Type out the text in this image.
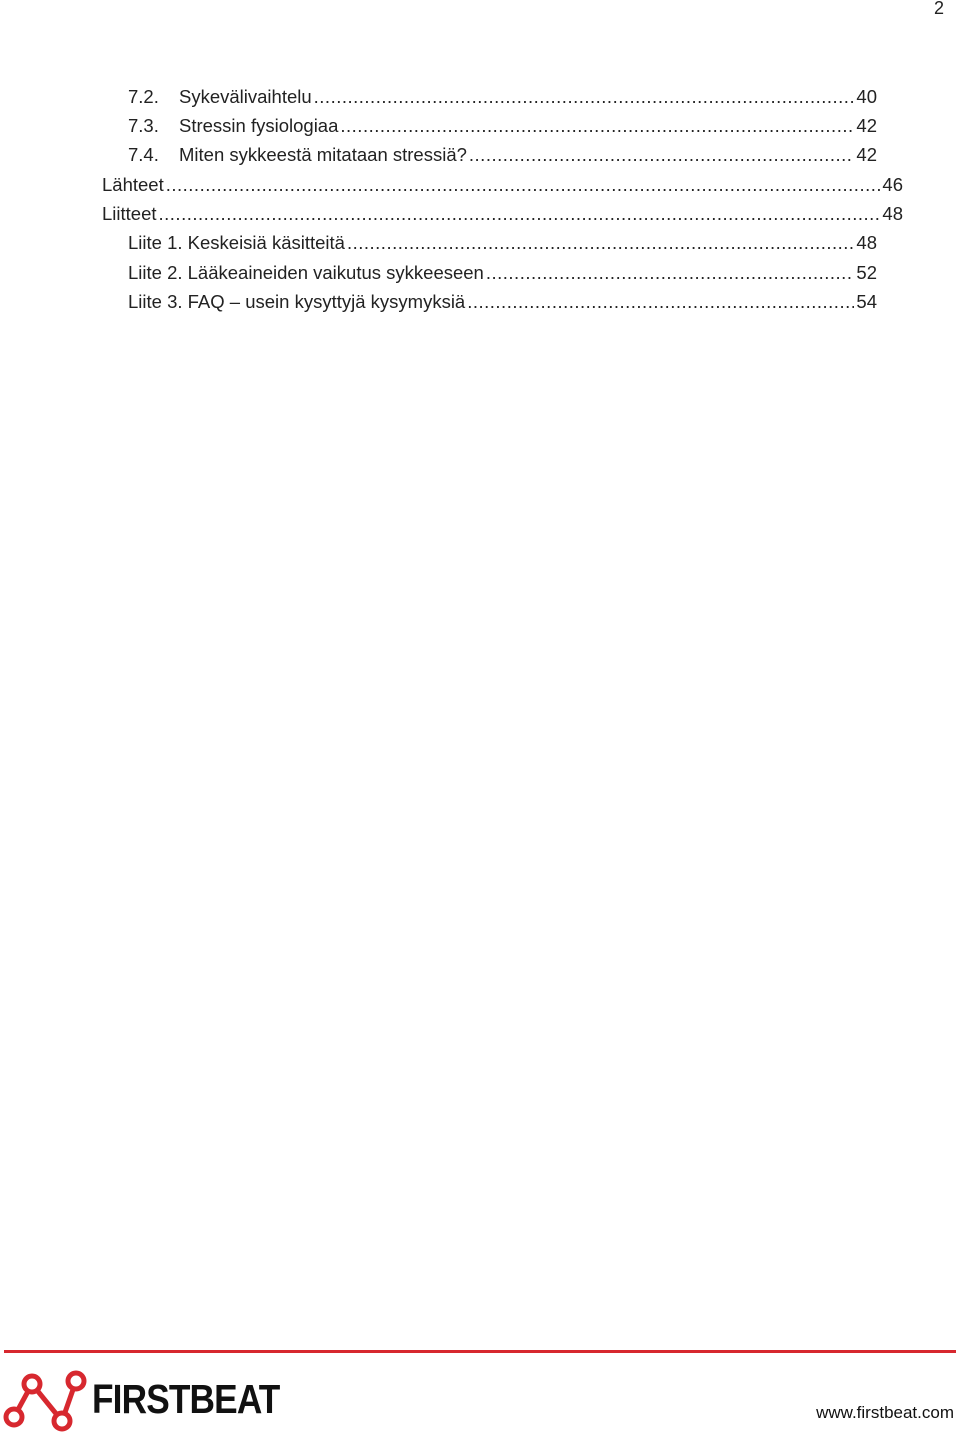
2
7.2.	Sykevälivaihtelu .....	40
7.3.	Stressin fysiologiaa .....	42
7.4.	Miten sykkeestä mitataan stressiä? .....	42
Lähteet .....	46
Liitteet .....	48
Liite 1. Keskeisiä käsitteitä .....	48
Liite 2. Lääkeaineiden vaikutus sykkeeseen .....	52
Liite 3. FAQ – usein kysyttyjä kysymyksiä .....	54
FIRSTBEAT	www.firstbeat.com
